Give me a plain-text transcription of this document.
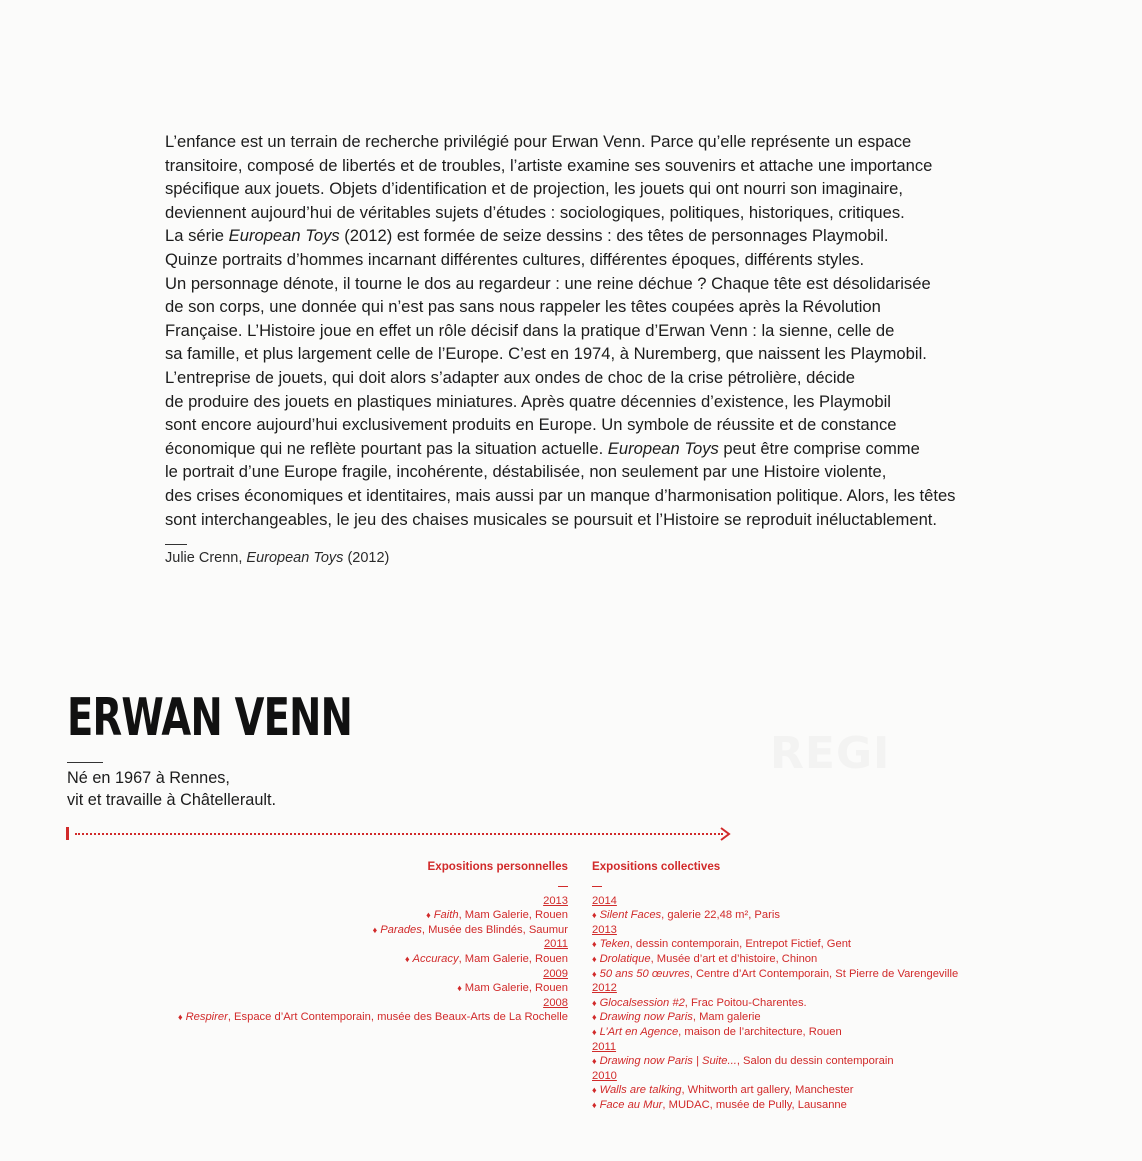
REGI

L’enfance est un terrain de recherche privilégié pour Erwan Venn. Parce qu’elle représente un espace

transitoire, composé de libertés et de troubles, l’artiste examine ses souvenirs et attache une importance

spécifique aux jouets. Objets d’identification et de projection, les jouets qui ont nourri son imaginaire,

deviennent aujourd’hui de véritables sujets d’études : sociologiques, politiques, historiques, critiques.

La série European Toys (2012) est formée de seize dessins : des têtes de personnages Playmobil.

Quinze portraits d’hommes incarnant différentes cultures, différentes époques, différents styles.

Un personnage dénote, il tourne le dos au regardeur : une reine déchue ? Chaque tête est désolidarisée

de son corps, une donnée qui n’est pas sans nous rappeler les têtes coupées après la Révolution

Française. L’Histoire joue en effet un rôle décisif dans la pratique d’Erwan Venn : la sienne, celle de

sa famille, et plus largement celle de l’Europe. C’est en 1974, à Nuremberg, que naissent les Playmobil.

L’entreprise de jouets, qui doit alors s’adapter aux ondes de choc de la crise pétrolière, décide

de produire des jouets en plastiques miniatures. Après quatre décennies d’existence, les Playmobil

sont encore aujourd’hui exclusivement produits en Europe. Un symbole de réussite et de constance

économique qui ne reflète pourtant pas la situation actuelle. European Toys peut être comprise comme

le portrait d’une Europe fragile, incohérente, déstabilisée, non seulement par une Histoire violente,

des crises économiques et identitaires, mais aussi par un manque d’harmonisation politique. Alors, les têtes

sont interchangeables, le jeu des chaises musicales se poursuit et l’Histoire se reproduit inéluctablement.

Julie Crenn, European Toys (2012)
ERWAN VENN

Né en 1967 à Rennes,

vit et travaille à Châtellerault.

Expositions personnelles
2013
♦ Faith, Mam Galerie, Rouen
♦ Parades, Musée des Blindés, Saumur
2011
♦ Accuracy, Mam Galerie, Rouen
2009
♦ Mam Galerie, Rouen
2008
♦ Respirer, Espace d’Art Contemporain, musée des Beaux-Arts de La Rochelle
Expositions collectives
2014
♦ Silent Faces, galerie 22,48 m², Paris
2013
♦ Teken, dessin contemporain, Entrepot Fictief, Gent
♦ Drolatique, Musée d’art et d’histoire, Chinon
♦ 50 ans 50 œuvres, Centre d’Art Contemporain, St Pierre de Varengeville
2012
♦ Glocalsession #2, Frac Poitou-Charentes.
♦ Drawing now Paris, Mam galerie
♦ L’Art en Agence, maison de l’architecture, Rouen
2011
♦ Drawing now Paris | Suite..., Salon du dessin contemporain
2010
♦ Walls are talking, Whitworth art gallery, Manchester
♦ Face au Mur, MUDAC, musée de Pully, Lausanne
